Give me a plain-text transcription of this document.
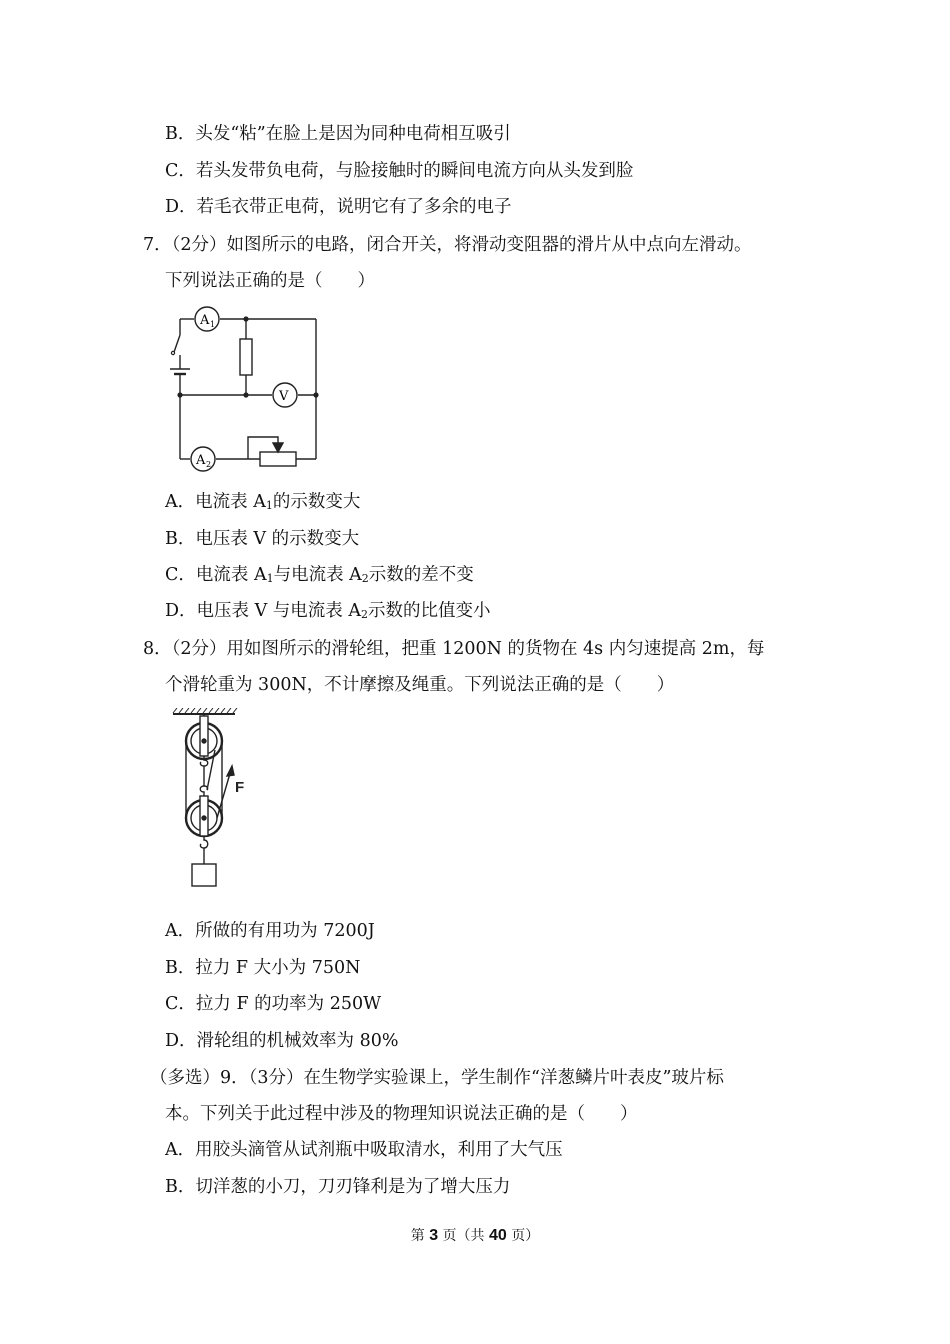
B．头发“粘”在脸上是因为同种电荷相互吸引
C．若头发带负电荷，与脸接触时的瞬间电流方向从头发到脸
D．若毛衣带正电荷，说明它有了多余的电子
7．（2分）如图所示的电路，闭合开关，将滑动变阻器的滑片从中点向左滑动。
下列说法正确的是（　　）
A 1
V
A 2
A．电流表 $A_1$的示数变大
B．电压表 V 的示数变大
C．电流表 $A_1$与电流表 $A_2$示数的差不变
D．电压表 V 与电流表 $A_2$示数的比值变小
8．（2分）用如图所示的滑轮组，把重 1200N 的货物在 4s 内匀速提高 2m，每
个滑轮重为 300N，不计摩擦及绳重。下列说法正确的是（　　）
F
A．所做的有用功为 7200J
B．拉力 F 大小为 750N
C．拉力 F 的功率为 250W
D．滑轮组的机械效率为 80%
（多选）9．（3分）在生物学实验课上，学生制作“洋葱鳞片叶表皮”玻片标
本。下列关于此过程中涉及的物理知识说法正确的是（　　）
A．用胶头滴管从试剂瓶中吸取清水，利用了大气压
B．切洋葱的小刀，刀刃锋利是为了增大压力
第 3 页（共 40 页）
